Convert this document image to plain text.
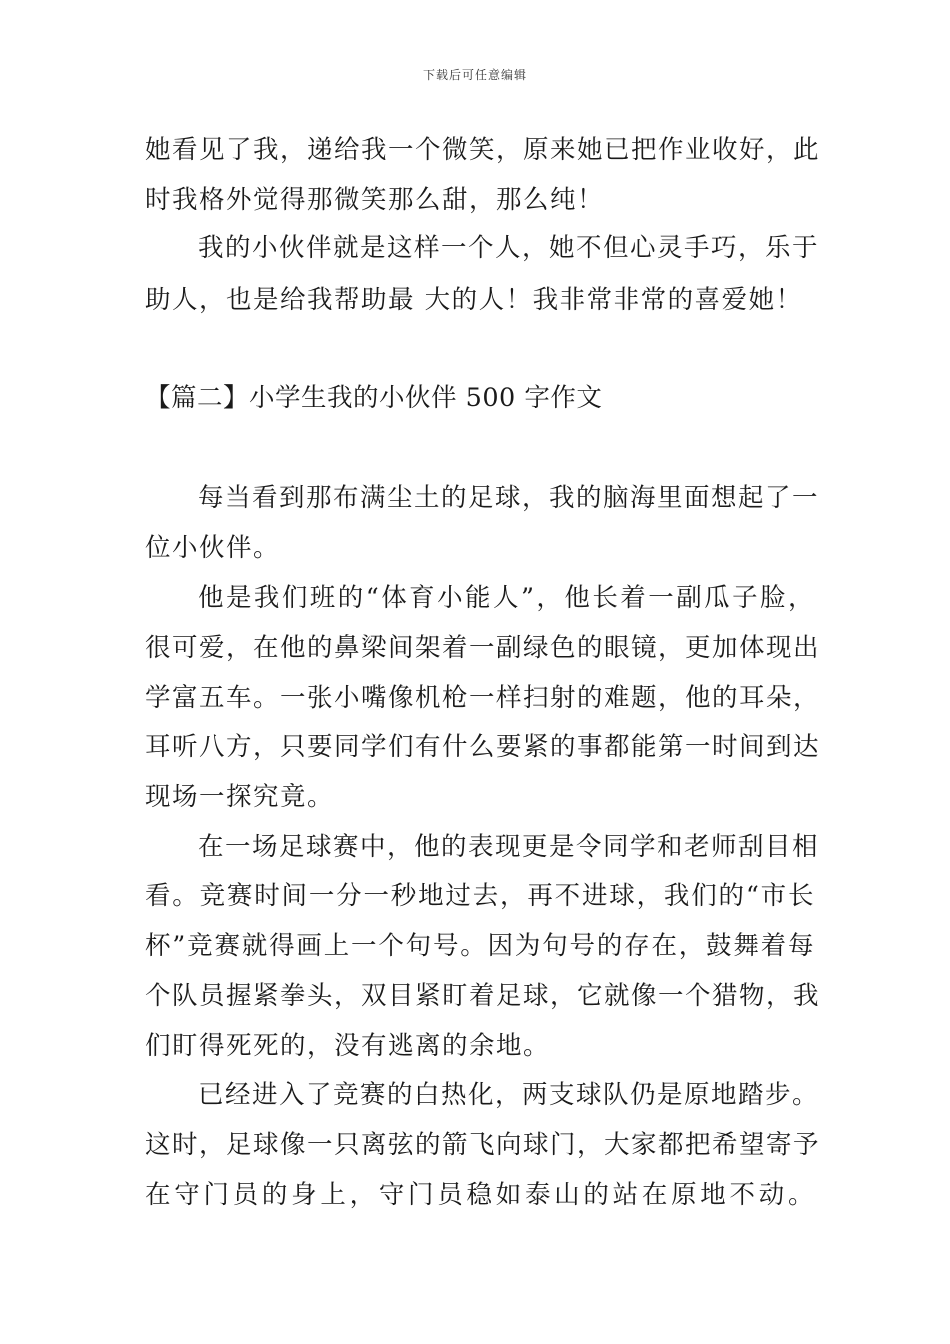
下载后可任意编辑
她看见了我，递给我一个微笑，原来她已把作业收好，此
时我格外觉得那微笑那么甜，那么纯！
我的小伙伴就是这样一个人，她不但心灵手巧，乐于
助人，也是给我帮助最 大的人！我非常非常的喜爱她！
【篇二】小学生我的小伙伴 500 字作文
每当看到那布满尘土的足球，我的脑海里面想起了一
位小伙伴。
他是我们班的“体育小能人”，他长着一副瓜子脸，
很可爱，在他的鼻梁间架着一副绿色的眼镜，更加体现出
学富五车。一张小嘴像机枪一样扫射的难题，他的耳朵，
耳听八方，只要同学们有什么要紧的事都能第一时间到达
现场一探究竟。
在一场足球赛中，他的表现更是令同学和老师刮目相
看。竞赛时间一分一秒地过去，再不进球，我们的“市长
杯”竞赛就得画上一个句号。因为句号的存在，鼓舞着每
个队员握紧拳头，双目紧盯着足球，它就像一个猎物，我
们盯得死死的，没有逃离的余地。
已经进入了竞赛的白热化，两支球队仍是原地踏步。
这时，足球像一只离弦的箭飞向球门，大家都把希望寄予
在守门员的身上，守门员稳如泰山的站在原地不动。
